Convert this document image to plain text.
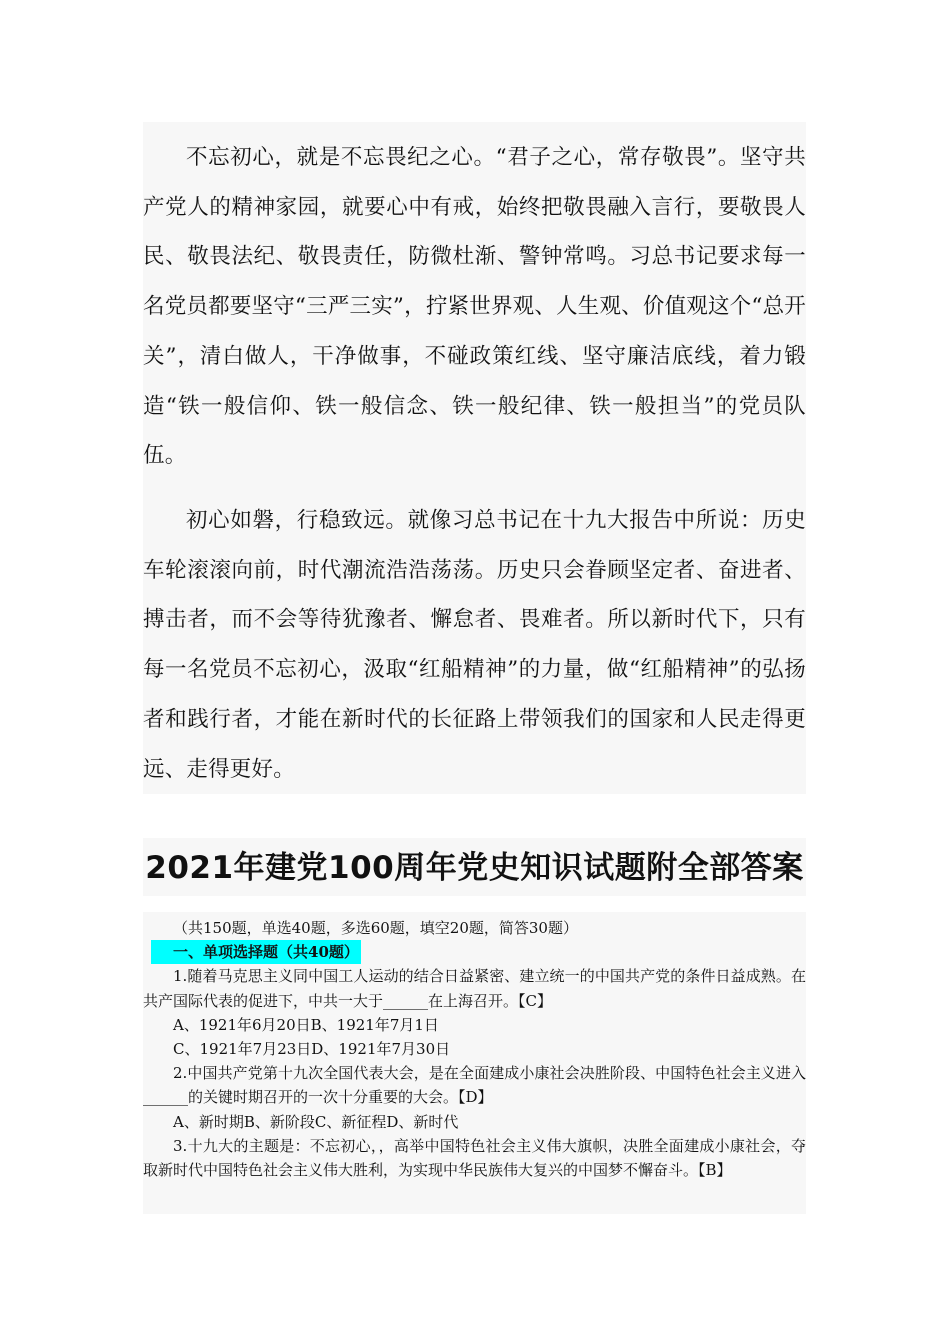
不忘初心，就是不忘畏纪之心。“君子之心，常存敬畏”。坚守共产党人的精神家园，就要心中有戒，始终把敬畏融入言行，要敬畏人民、敬畏法纪、敬畏责任，防微杜渐、警钟常鸣。习总书记要求每一名党员都要坚守“三严三实”，拧紧世界观、人生观、价值观这个“总开关”，清白做人，干净做事，不碰政策红线、坚守廉洁底线，着力锻造“铁一般信仰、铁一般信念、铁一般纪律、铁一般担当”的党员队伍。

初心如磐，行稳致远。就像习总书记在十九大报告中所说：历史车轮滚滚向前，时代潮流浩浩荡荡。历史只会眷顾坚定者、奋进者、搏击者，而不会等待犹豫者、懈怠者、畏难者。所以新时代下，只有每一名党员不忘初心，汲取“红船精神”的力量，做“红船精神”的弘扬者和践行者，才能在新时代的长征路上带领我们的国家和人民走得更远、走得更好。

2021年建党100周年党史知识试题附全部答案

（共150题，单选40题，多选60题，填空20题，简答30题）

一、单项选择题（共40题）

1.随着马克思主义同中国工人运动的结合日益紧密、建立统一的中国共产党的条件日益成熟。在共产国际代表的促进下，中共一大于______在上海召开。【C】

A、1921年6月20日B、1921年7月1日

C、1921年7月23日D、1921年7月30日

2.中国共产党第十九次全国代表大会，是在全面建成小康社会决胜阶段、中国特色社会主义进入______的关键时期召开的一次十分重要的大会。【D】

A、新时期B、新阶段C、新征程D、新时代

3.十九大的主题是：不忘初心，，高举中国特色社会主义伟大旗帜，决胜全面建成小康社会，夺取新时代中国特色社会主义伟大胜利，为实现中华民族伟大复兴的中国梦不懈奋斗。【B】
